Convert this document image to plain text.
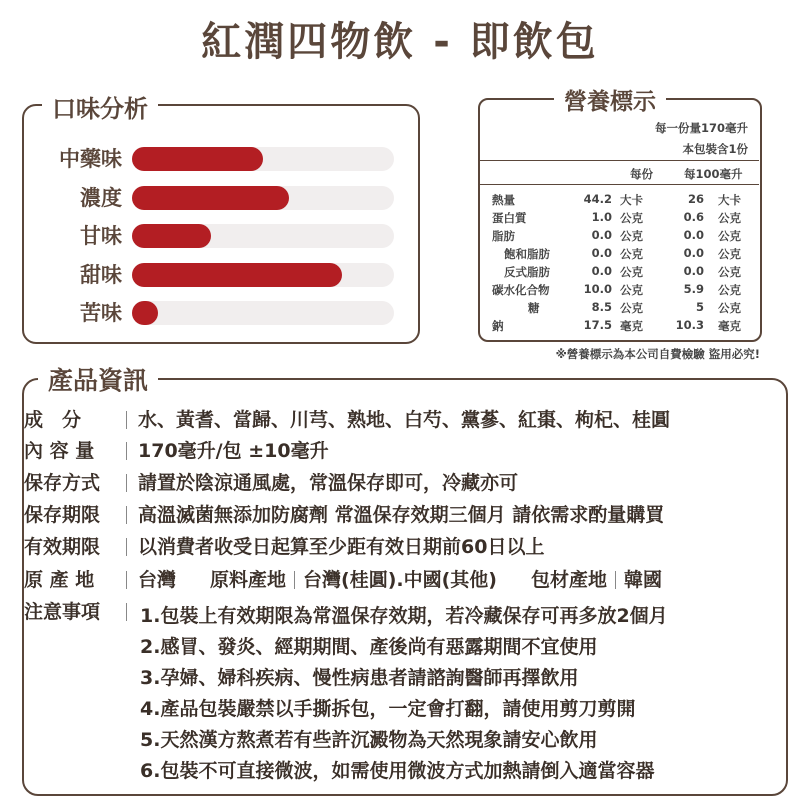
紅潤四物飲 - 即飲包
口味分析
中藥味
濃度
甘味
甜味
苦味
營養標示
每一份量170毫升
本包裝含1份
每份	每100毫升
熱量	44.2 大卡	26 大卡
蛋白質	1.0 公克	0.6 公克
脂肪	0.0 公克	0.0 公克
飽和脂肪	0.0 公克	0.0 公克
反式脂肪	0.0 公克	0.0 公克
碳水化合物	10.0 公克	5.9 公克
糖	8.5 公克	5 公克
鈉	17.5 毫克	10.3 毫克
※營養標示為本公司自費檢驗 盜用必究!
產品資訊
成　分	水、黃耆、當歸、川芎、熟地、白芍、黨蔘、紅棗、枸杞、桂圓
內 容 量	170毫升/包 ±10毫升
保存方式	請置於陰涼通風處，常溫保存即可，冷藏亦可
保存期限	高溫滅菌無添加防腐劑 常溫保存效期三個月 請依需求酌量購買
有效期限	以消費者收受日起算至少距有效日期前60日以上
原 產 地	台灣 原料產地 台灣(桂圓).中國(其他) 包材產地 韓國
注意事項	1.包裝上有效期限為常溫保存效期，若冷藏保存可再多放2個月
2.感冒、發炎、經期期間、產後尚有惡露期間不宜使用
3.孕婦、婦科疾病、慢性病患者請諮詢醫師再擇飲用
4.產品包裝嚴禁以手撕拆包，一定會打翻，請使用剪刀剪開
5.天然漢方熬煮若有些許沉澱物為天然現象請安心飲用
6.包裝不可直接微波，如需使用微波方式加熱請倒入適當容器
